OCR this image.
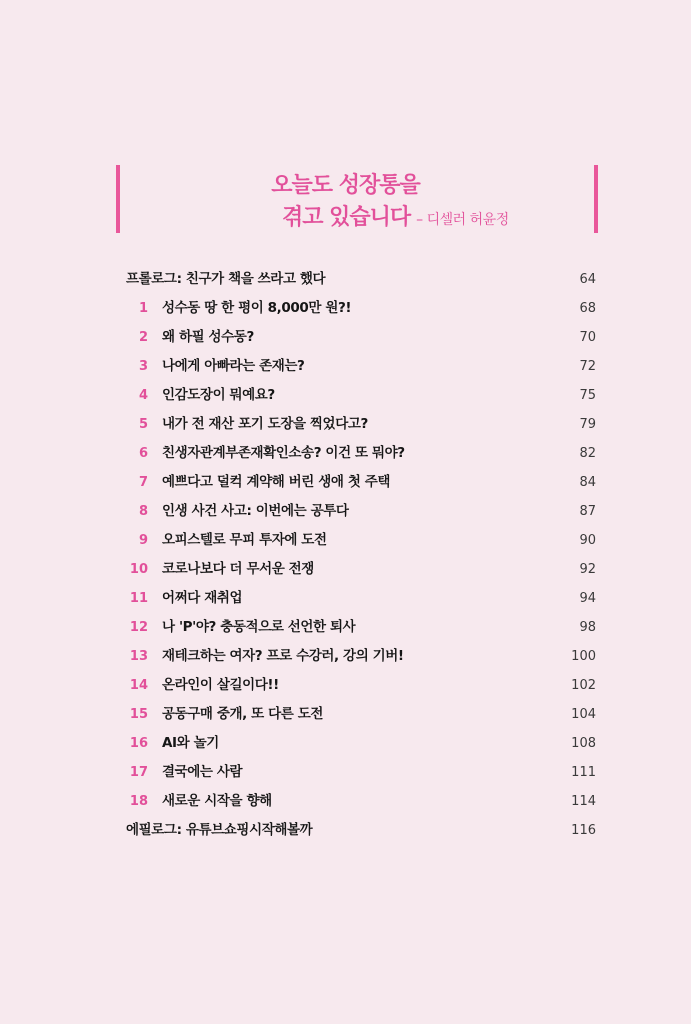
오늘도 성장통을
겪고 있습니다 – 디셀러 허윤정
프롤로그: 친구가 책을 쓰라고 했다	64
1 성수동 땅 한 평이 8,000만 원?!	68
2 왜 하필 성수동?	70
3 나에게 아빠라는 존재는?	72
4 인감도장이 뭐예요?	75
5 내가 전 재산 포기 도장을 찍었다고?	79
6 친생자관계부존재확인소송? 이건 또 뭐야?	82
7 예쁘다고 덜컥 계약해 버린 생애 첫 주택	84
8 인생 사건 사고: 이번에는 공투다	87
9 오피스텔로 무피 투자에 도전	90
10 코로나보다 더 무서운 전쟁	92
11 어쩌다 재취업	94
12 나 'P'야? 충동적으로 선언한 퇴사	98
13 재테크하는 여자? 프로 수강러, 강의 기버!	100
14 온라인이 살길이다!!	102
15 공동구매 중개, 또 다른 도전	104
16 AI와 놀기	108
17 결국에는 사람	111
18 새로운 시작을 향해	114
에필로그: 유튜브쇼핑시작해볼까	116
